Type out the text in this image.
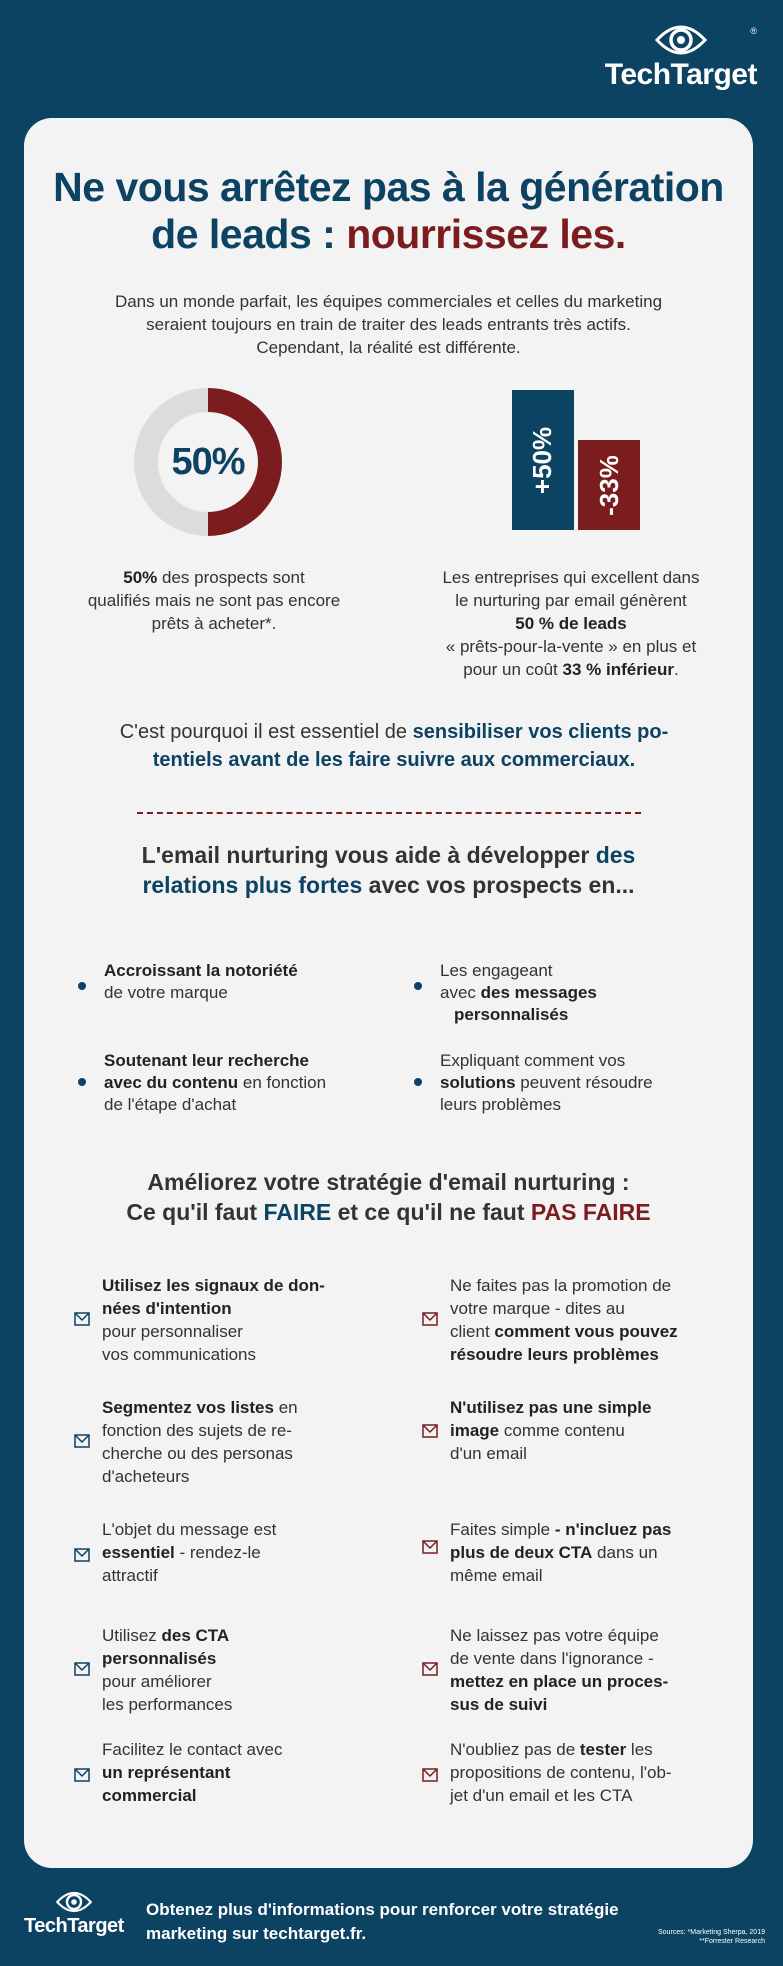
TechTarget
®
Ne vous arrêtez pas à la génération
de leads : nourrissez les.

Dans un monde parfait, les équipes commerciales et celles du marketing
seraient toujours en train de traiter des leads entrants très actifs.
Cependant, la réalité est différente.

50%	+50% -33%

50% des prospects sont
qualifiés mais ne sont pas encore
prêts à acheter*.

Les entreprises qui excellent dans
le nurturing par email génèrent
50 % de leads
« prêts-pour-la-vente » en plus et
pour un coût 33 % inférieur.

C'est pourquoi il est essentiel de sensibiliser vos clients po-
tentiels avant de les faire suivre aux commerciaux.

L'email nurturing vous aide à développer des
relations plus fortes avec vos prospects en...
Accroissant la notoriété
de votre marque
Les engageant
avec des messages
personnalisés
Soutenant leur recherche
avec du contenu en fonction
de l'étape d'achat
Expliquant comment vos
solutions peuvent résoudre
leurs problèmes
Améliorez votre stratégie d'email nurturing :
Ce qu'il faut FAIRE et ce qu'il ne faut PAS FAIRE
Utilisez les signaux de don-
nées d'intention
pour personnaliser
vos communications
Segmentez vos listes en
fonction des sujets de re-
cherche ou des personas
d'acheteurs
L'objet du message est
essentiel - rendez-le
attractif
Utilisez des CTA
personnalisés
pour améliorer
les performances
Facilitez le contact avec
un représentant
commercial
Ne faites pas la promotion de
votre marque - dites au
client comment vous pouvez
résoudre leurs problèmes
N'utilisez pas une simple
image comme contenu
d'un email
Faites simple - n'incluez pas
plus de deux CTA dans un
même email
Ne laissez pas votre équipe
de vente dans l'ignorance -
mettez en place un proces-
sus de suivi
N'oubliez pas de tester les
propositions de contenu, l'ob-
jet d'un email et les CTA
TechTarget

Obtenez plus d'informations pour renforcer votre stratégie
marketing sur techtarget.fr.	Sources: *Marketing Sherpa, 2019
**Forrester Research
